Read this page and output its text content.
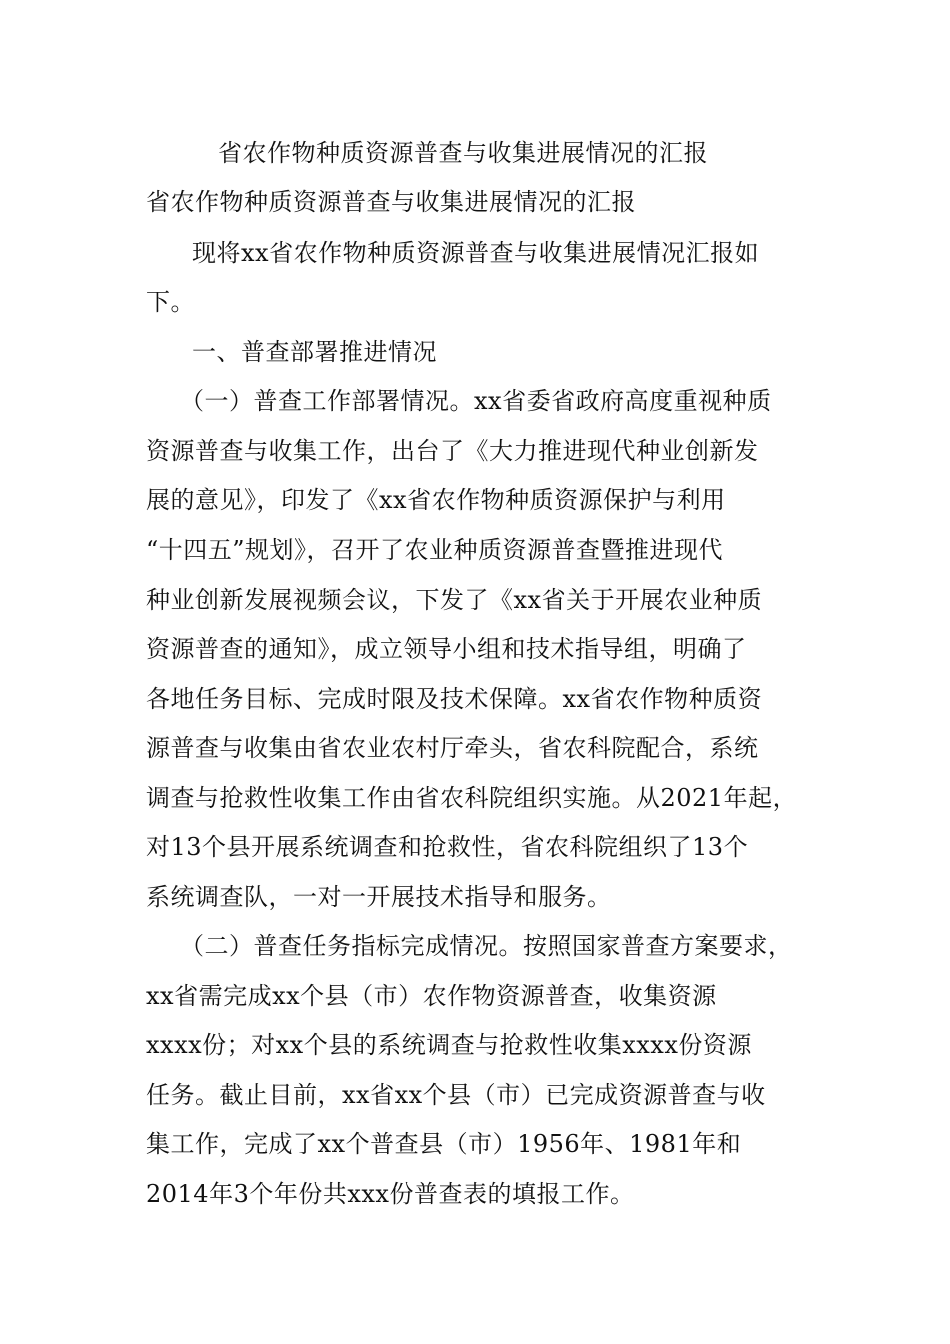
省农作物种质资源普查与收集进展情况的汇报
省农作物种质资源普查与收集进展情况的汇报
现将xx省农作物种质资源普查与收集进展情况汇报如
下。
一、普查部署推进情况
（一）普查工作部署情况。xx省委省政府高度重视种质
资源普查与收集工作，出台了《大力推进现代种业创新发
展的意见》，印发了《xx省农作物种质资源保护与利用
“十四五”规划》，召开了农业种质资源普查暨推进现代
种业创新发展视频会议，下发了《xx省关于开展农业种质
资源普查的通知》，成立领导小组和技术指导组，明确了
各地任务目标、完成时限及技术保障。xx省农作物种质资
源普查与收集由省农业农村厅牵头，省农科院配合，系统
调查与抢救性收集工作由省农科院组织实施。从2021年起，
对13个县开展系统调查和抢救性，省农科院组织了13个
系统调查队，一对一开展技术指导和服务。
（二）普查任务指标完成情况。按照国家普查方案要求，
xx省需完成xx个县（市）农作物资源普查，收集资源
xxxx份；对xx个县的系统调查与抢救性收集xxxx份资源
任务。截止目前，xx省xx个县（市）已完成资源普查与收
集工作，完成了xx个普查县（市）1956年、1981年和
2014年3个年份共xxx份普查表的填报工作。
